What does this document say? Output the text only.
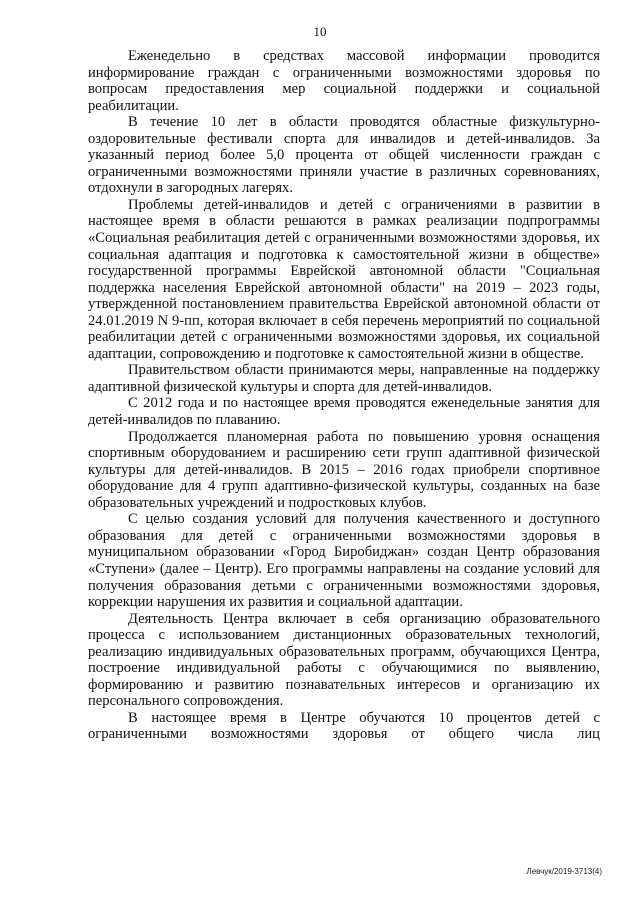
10

Еженедельно в средствах массовой информации проводится информирование граждан с ограниченными возможностями здоровья по вопросам предоставления мер социальной поддержки и социальной реабилитации.

В течение 10 лет в области проводятся областные физкультурно-оздоровительные фестивали спорта для инвалидов и детей-инвалидов. За указанный период более 5,0 процента от общей численности граждан с ограниченными возможностями приняли участие в различных соревнованиях, отдохнули в загородных лагерях.

Проблемы детей-инвалидов и детей с ограничениями в развитии в настоящее время в области решаются в рамках реализации подпрограммы «Социальная реабилитация детей с ограниченными возможностями здоровья, их социальная адаптация и подготовка к самостоятельной жизни в обществе» государственной программы Еврейской автономной области "Социальная поддержка населения Еврейской автономной области" на 2019 – 2023 годы, утвержденной постановлением правительства Еврейской автономной области от 24.01.2019 N 9-пп, которая включает в себя перечень мероприятий по социальной реабилитации детей с ограниченными возможностями здоровья, их социальной адаптации, сопровождению и подготовке к самостоятельной жизни в обществе.

Правительством области принимаются меры, направленные на поддержку адаптивной физической культуры и спорта для детей-инвалидов.

С 2012 года и по настоящее время проводятся еженедельные занятия для детей-инвалидов по плаванию.

Продолжается планомерная работа по повышению уровня оснащения спортивным оборудованием и расширению сети групп адаптивной физической культуры для детей-инвалидов. В 2015 – 2016 годах приобрели спортивное оборудование для 4 групп адаптивно-физической культуры, созданных на базе образовательных учреждений и подростковых клубов.

С целью создания условий для получения качественного и доступного образования для детей с ограниченными возможностями здоровья в муниципальном образовании «Город Биробиджан» создан Центр образования «Ступени» (далее – Центр). Его программы направлены на создание условий для получения образования детьми с ограниченными возможностями здоровья, коррекции нарушения их развития и социальной адаптации.

Деятельность Центра включает в себя организацию образовательного процесса с использованием дистанционных образовательных технологий, реализацию индивидуальных образовательных программ, обучающихся Центра, построение индивидуальной работы с обучающимися по выявлению, формированию и развитию познавательных интересов и организацию их персонального сопровождения.

В настоящее время в Центре обучаются 10 процентов детей с ограниченными возможностями здоровья от общего числа лиц

Левчук/2019-3713(4)
